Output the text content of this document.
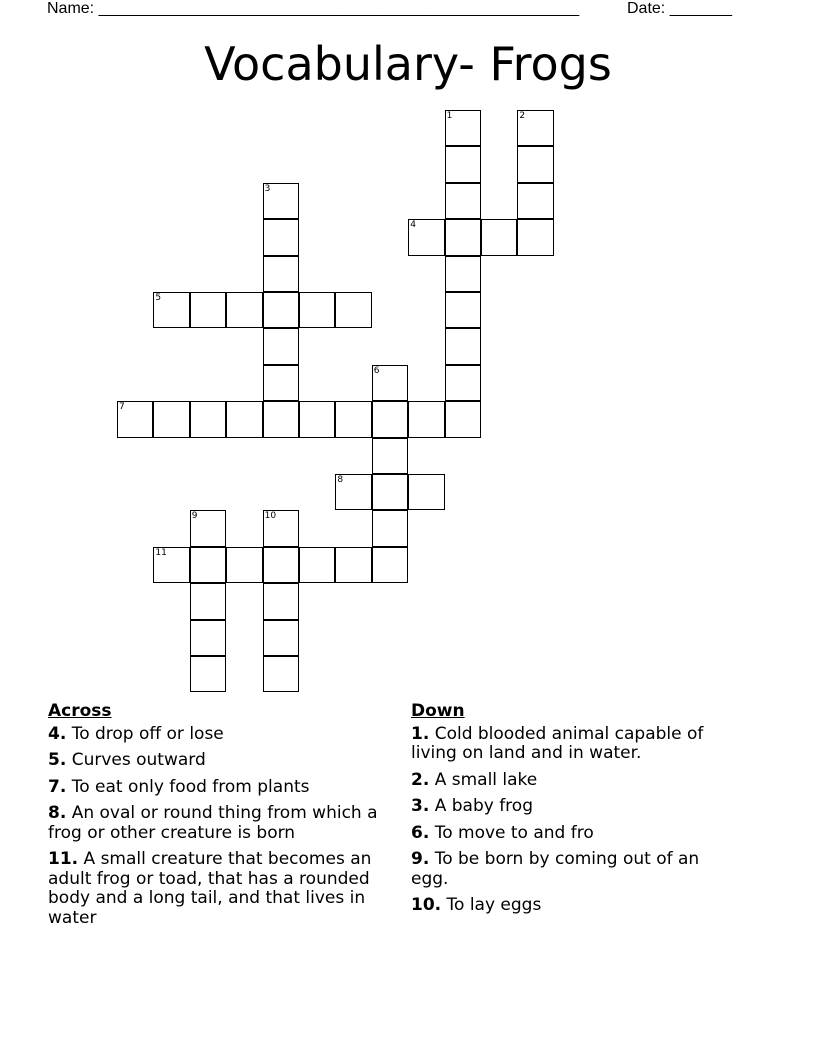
Name: ______________________________________________________	Date: _______
Vocabulary- Frogs
1	2
3
4
5
6
7
8
9	10
11
Across
4. To drop off or lose
5. Curves outward
7. To eat only food from plants
8. An oval or round thing from which a frog or other creature is born
11. A small creature that becomes an adult frog or toad, that has a rounded body and a long tail, and that lives in water
Down
1. Cold blooded animal capable of living on land and in water.
2. A small lake
3. A baby frog
6. To move to and fro
9. To be born by coming out of an egg.
10. To lay eggs
